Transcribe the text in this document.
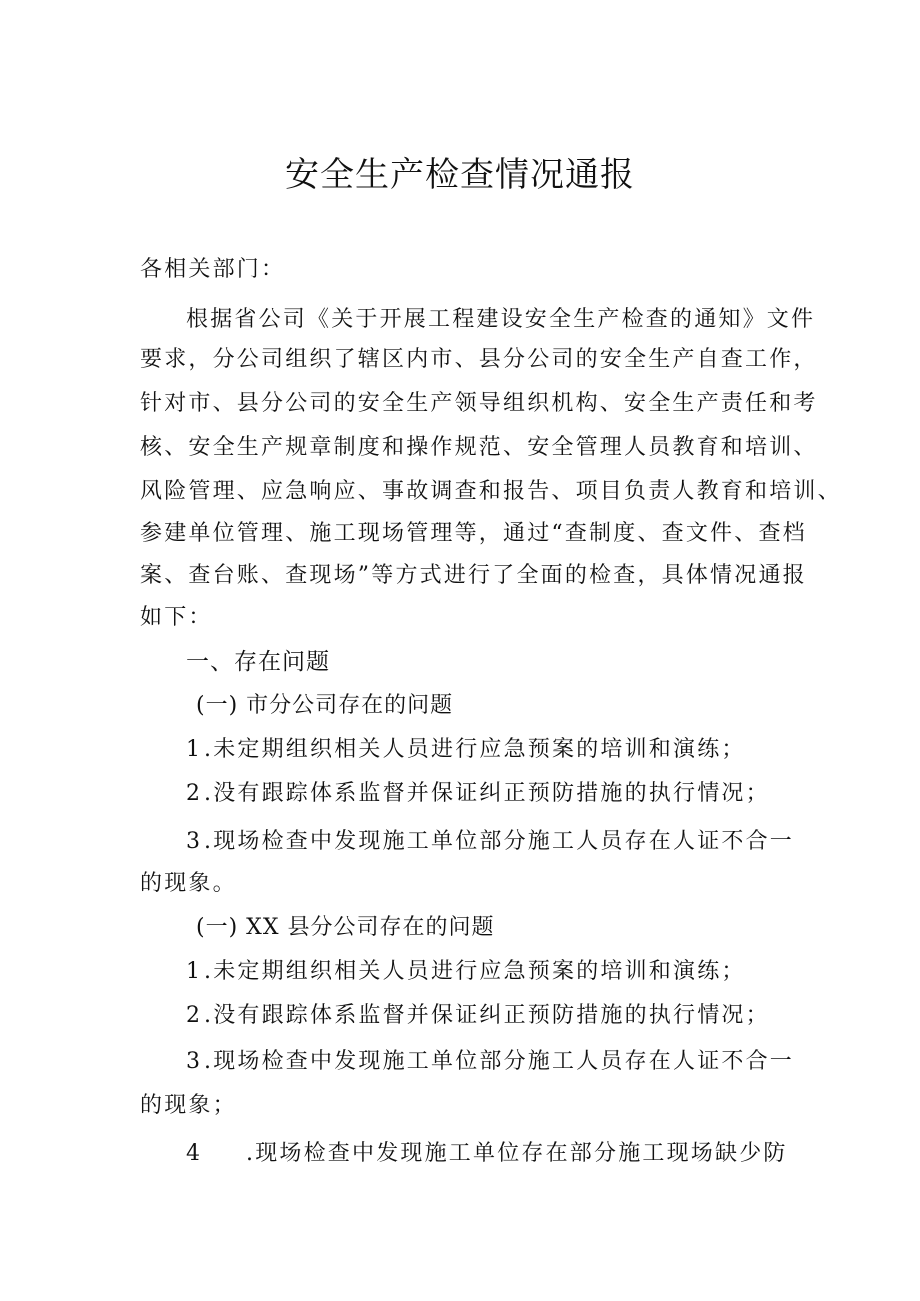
安全生产检查情况通报
各相关部门：
根据省公司《关于开展工程建设安全生产检查的通知》文件
要求，分公司组织了辖区内市、县分公司的安全生产自查工作，
针对市、县分公司的安全生产领导组织机构、安全生产责任和考
核、安全生产规章制度和操作规范、安全管理人员教育和培训、
风险管理、应急响应、事故调查和报告、项目负责人教育和培训、
参建单位管理、施工现场管理等，通过“查制度、查文件、查档
案、查台账、查现场”等方式进行了全面的检查，具体情况通报
如下：
一、存在问题
(一) 市分公司存在的问题
1.未定期组织相关人员进行应急预案的培训和演练；
2.没有跟踪体系监督并保证纠正预防措施的执行情况；
3.现场检查中发现施工单位部分施工人员存在人证不合一
的现象。
(一) XX 县分公司存在的问题
1.未定期组织相关人员进行应急预案的培训和演练；
2.没有跟踪体系监督并保证纠正预防措施的执行情况；
3.现场检查中发现施工单位部分施工人员存在人证不合一
的现象；
4 .现场检查中发现施工单位存在部分施工现场缺少防
